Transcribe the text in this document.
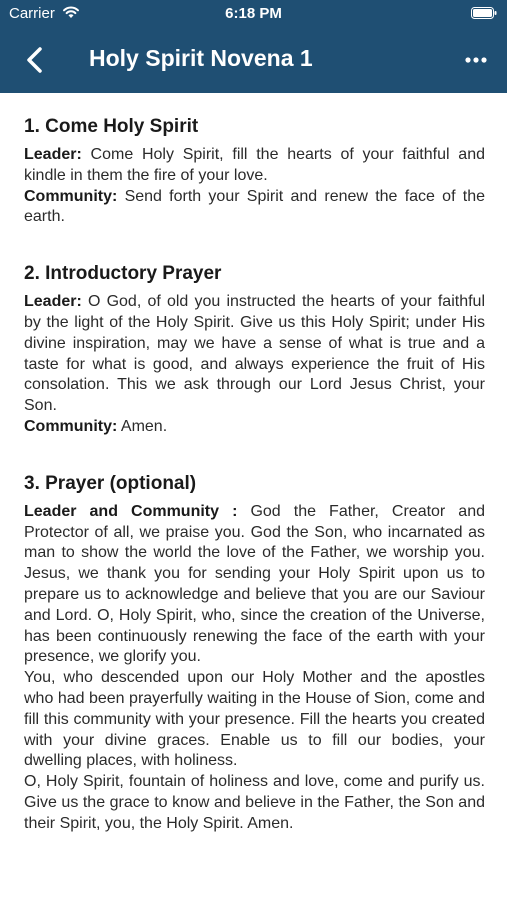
Carrier	6:18 PM
Holy Spirit Novena 1
1. Come Holy Spirit

Leader: Come Holy Spirit, fill the hearts of your faithful and kindle in them the fire of your love.

Community: Send forth your Spirit and renew the face of the earth.

2. Introductory Prayer

Leader: O God, of old you instructed the hearts of your faithful by the light of the Holy Spirit. Give us this Holy Spirit; under His divine inspiration, may we have a sense of what is true and a taste for what is good, and always experience the fruit of His consolation. This we ask through our Lord Jesus Christ, your Son.

Community: Amen.

3. Prayer (optional)

Leader and Community : God the Father, Creator and Protector of all, we praise you. God the Son, who incarnated as man to show the world the love of the Father, we worship you. Jesus, we thank you for sending your Holy Spirit upon us to prepare us to acknowledge and believe that you are our Saviour and Lord. O, Holy Spirit, who, since the creation of the Universe, has been continuously renewing the face of the earth with your presence, we glorify you.

You, who descended upon our Holy Mother and the apostles who had been prayerfully waiting in the House of Sion, come and fill this community with your presence. Fill the hearts you created with your divine graces. Enable us to fill our bodies, your dwelling places, with holiness.

O, Holy Spirit, fountain of holiness and love, come and purify us. Give us the grace to know and believe in the Father, the Son and their Spirit, you, the Holy Spirit. Amen.
